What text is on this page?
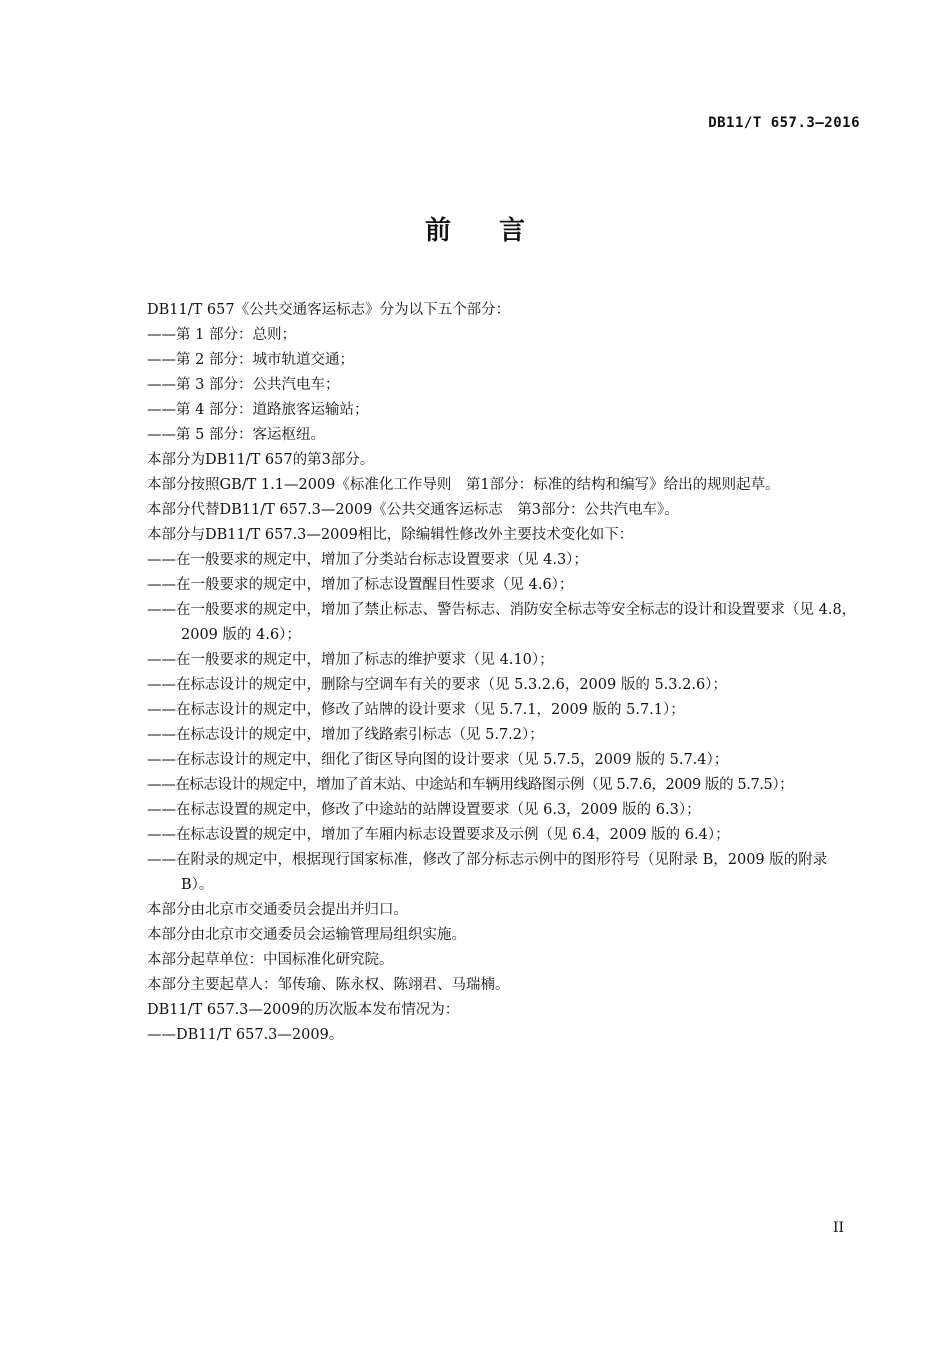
DB11/T 657.3—2016
前言
DB11/T 657《公共交通客运标志》分为以下五个部分：
——第 1 部分：总则；
——第 2 部分：城市轨道交通；
——第 3 部分：公共汽电车；
——第 4 部分：道路旅客运输站；
——第 5 部分：客运枢纽。
本部分为DB11/T 657的第3部分。
本部分按照GB/T 1.1—2009《标准化工作导则　第1部分：标准的结构和编写》给出的规则起草。
本部分代替DB11/T 657.3—2009《公共交通客运标志　第3部分：公共汽电车》。
本部分与DB11/T 657.3—2009相比，除编辑性修改外主要技术变化如下：
——在一般要求的规定中，增加了分类站台标志设置要求（见 4.3）；
——在一般要求的规定中，增加了标志设置醒目性要求（见 4.6）；
——在一般要求的规定中，增加了禁止标志、警告标志、消防安全标志等安全标志的设计和设置要求（见 4.8，2009 版的 4.6）；
——在一般要求的规定中，增加了标志的维护要求（见 4.10）；
——在标志设计的规定中，删除与空调车有关的要求（见 5.3.2.6，2009 版的 5.3.2.6）；
——在标志设计的规定中，修改了站牌的设计要求（见 5.7.1，2009 版的 5.7.1）；
——在标志设计的规定中，增加了线路索引标志（见 5.7.2）；
——在标志设计的规定中，细化了街区导向图的设计要求（见 5.7.5，2009 版的 5.7.4）；
——在标志设计的规定中，增加了首末站、中途站和车辆用线路图示例（见 5.7.6，2009 版的 5.7.5）；
——在标志设置的规定中，修改了中途站的站牌设置要求（见 6.3，2009 版的 6.3）；
——在标志设置的规定中，增加了车厢内标志设置要求及示例（见 6.4，2009 版的 6.4）；
——在附录的规定中，根据现行国家标准，修改了部分标志示例中的图形符号（见附录 B，2009 版的附录 B）。
本部分由北京市交通委员会提出并归口。
本部分由北京市交通委员会运输管理局组织实施。
本部分起草单位：中国标准化研究院。
本部分主要起草人：邹传瑜、陈永权、陈翊君、马瑞楠。
DB11/T 657.3—2009的历次版本发布情况为：
——DB11/T 657.3—2009。
II
